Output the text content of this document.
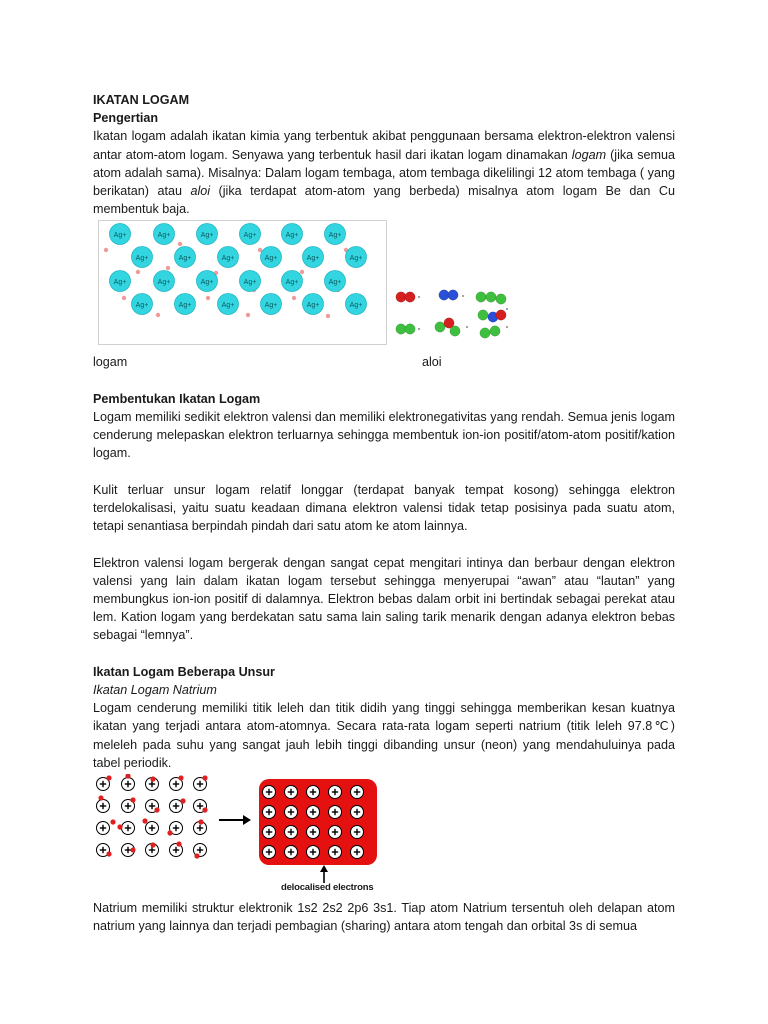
IKATAN LOGAM

Pengertian

Ikatan logam adalah ikatan kimia yang terbentuk akibat penggunaan bersama elektron-elektron valensi antar atom-atom logam. Senyawa yang terbentuk hasil dari ikatan logam dinamakan logam (jika semua atom adalah sama). Misalnya: Dalam logam tembaga, atom tembaga dikelilingi 12 atom tembaga ( yang berikatan) atau aloi (jika terdapat atom-atom yang berbeda) misalnya atom logam Be dan Cu membentuk baja.

Ag+	Ag+	Ag+	Ag+	Ag+	Ag+
Ag+	Ag+	Ag+	Ag+	Ag+	Ag+
Ag+	Ag+	Ag+	Ag+	Ag+	Ag+
Ag+	Ag+	Ag+	Ag+	Ag+	Ag+
logam	aloi

Pembentukan Ikatan Logam

Logam memiliki sedikit elektron valensi dan memiliki elektronegativitas yang rendah. Semua jenis logam cenderung melepaskan elektron terluarnya sehingga membentuk ion-ion positif/atom-atom positif/kation logam.

Kulit terluar unsur logam relatif longgar (terdapat banyak tempat kosong) sehingga elektron terdelokalisasi, yaitu suatu keadaan dimana elektron valensi tidak tetap posisinya pada suatu atom, tetapi senantiasa berpindah pindah dari satu atom ke atom lainnya.

Elektron valensi logam bergerak dengan sangat cepat mengitari intinya dan berbaur dengan elektron valensi yang lain dalam ikatan logam tersebut sehingga menyerupai “awan” atau “lautan” yang membungkus ion-ion positif di dalamnya. Elektron bebas dalam orbit ini bertindak sebagai perekat atau lem. Kation logam yang berdekatan satu sama lain saling tarik menarik dengan adanya elektron bebas sebagai “lemnya”.

Ikatan Logam Beberapa Unsur

Ikatan Logam Natrium

Logam cenderung memiliki titik leleh dan titik didih yang tinggi sehingga memberikan kesan kuatnya ikatan yang terjadi antara atom-atomnya. Secara rata-rata logam seperti natrium (titik leleh 97.8℃) meleleh pada suhu yang sangat jauh lebih tinggi dibanding unsur (neon) yang mendahuluinya pada tabel periodik.

delocalised electrons

Natrium memiliki struktur elektronik 1s2 2s2 2p6 3s1. Tiap atom Natrium tersentuh oleh delapan atom natrium yang lainnya dan terjadi pembagian (sharing) antara atom tengah dan orbital 3s di semua
